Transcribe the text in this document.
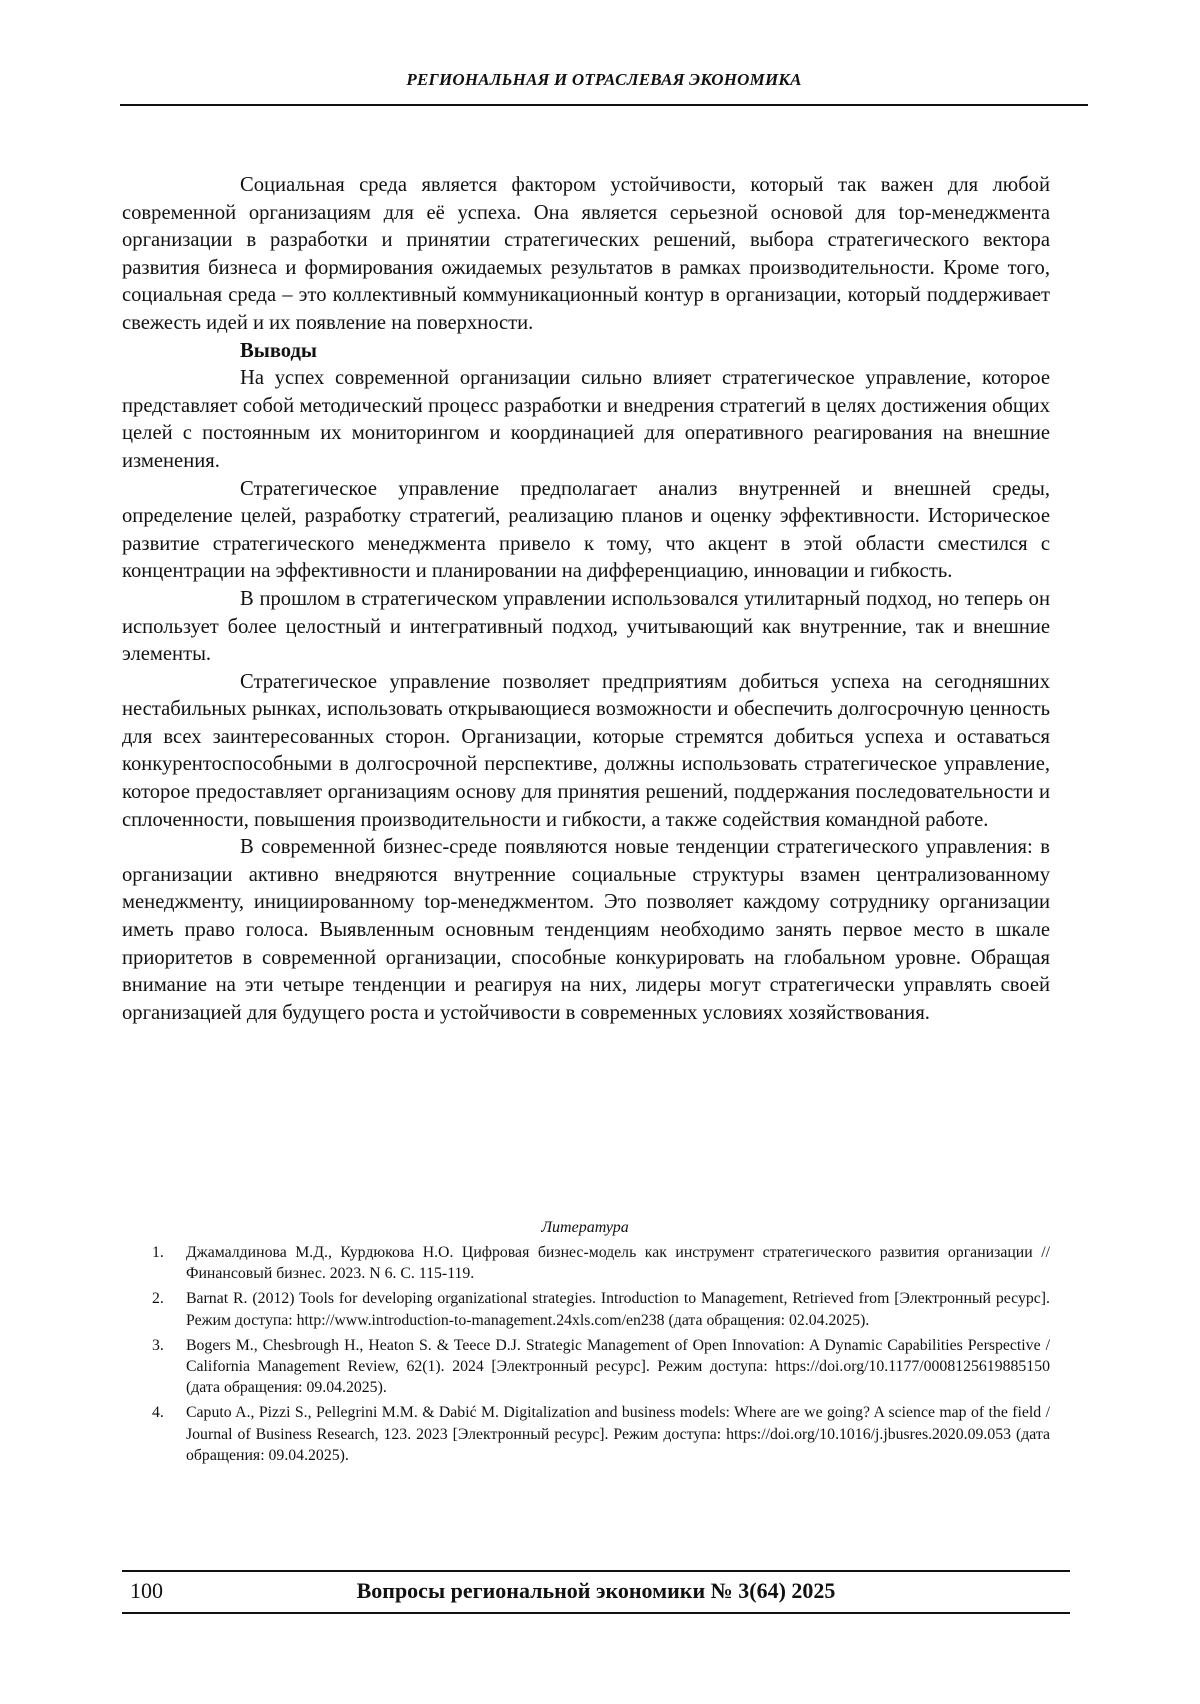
РЕГИОНАЛЬНАЯ И ОТРАСЛЕВАЯ ЭКОНОМИКА

Социальная среда является фактором устойчивости, который так важен для любой современной организациям для её успеха. Она является серьезной основой для top-менеджмента организации в разработки и принятии стратегических решений, выбора стратегического вектора развития бизнеса и формирования ожидаемых результатов в рамках производительности. Кроме того, социальная среда – это коллективный коммуникационный контур в организации, который поддерживает свежесть идей и их появление на поверхности.

Выводы

На успех современной организации сильно влияет стратегическое управление, которое представляет собой методический процесс разработки и внедрения стратегий в целях достижения общих целей с постоянным их мониторингом и координацией для оперативного реагирования на внешние изменения.

Стратегическое управление предполагает анализ внутренней и внешней среды, определение целей, разработку стратегий, реализацию планов и оценку эффективности. Историческое развитие стратегического менеджмента привело к тому, что акцент в этой области сместился с концентрации на эффективности и планировании на дифференциацию, инновации и гибкость.

В прошлом в стратегическом управлении использовался утилитарный подход, но теперь он использует более целостный и интегративный подход, учитывающий как внутренние, так и внешние элементы.

Стратегическое управление позволяет предприятиям добиться успеха на сегодняшних нестабильных рынках, использовать открывающиеся возможности и обеспечить долгосрочную ценность для всех заинтересованных сторон. Организации, которые стремятся добиться успеха и оставаться конкурентоспособными в долгосрочной перспективе, должны использовать стратегическое управление, которое предоставляет организациям основу для принятия решений, поддержания последовательности и сплоченности, повышения производительности и гибкости, а также содействия командной работе.

В современной бизнес-среде появляются новые тенденции стратегического управления: в организации активно внедряются внутренние социальные структуры взамен централизованному менеджменту, инициированному top-менеджментом. Это позволяет каждому сотруднику организации иметь право голоса. Выявленным основным тенденциям необходимо занять первое место в шкале приоритетов в современной организации, способные конкурировать на глобальном уровне. Обращая внимание на эти четыре тенденции и реагируя на них, лидеры могут стратегически управлять своей организацией для будущего роста и устойчивости в современных условиях хозяйствования.

Литература
1. Джамалдинова М.Д., Курдюкова Н.О. Цифровая бизнес-модель как инструмент стратегического развития организации // Финансовый бизнес. 2023. N 6. С. 115-119.
2. Barnat R. (2012) Tools for developing organizational strategies. Introduction to Management, Retrieved from [Электронный ресурс]. Режим доступа: http://www.introduction-to-management.24xls.com/en238 (дата обращения: 02.04.2025).
3. Bogers M., Chesbrough H., Heaton S. & Teece D.J. Strategic Management of Open Innovation: A Dynamic Capabilities Perspective / California Management Review, 62(1). 2024 [Электронный ресурс]. Режим доступа: https://doi.org/10.1177/0008125619885150 (дата обращения: 09.04.2025).
4. Caputo A., Pizzi S., Pellegrini M.M. & Dabić M. Digitalization and business models: Where are we going? A science map of the field / Journal of Business Research, 123. 2023 [Электронный ресурс]. Режим доступа: https://doi.org/10.1016/j.jbusres.2020.09.053 (дата обращения: 09.04.2025).
100	Вопросы региональной экономики № 3(64) 2025
